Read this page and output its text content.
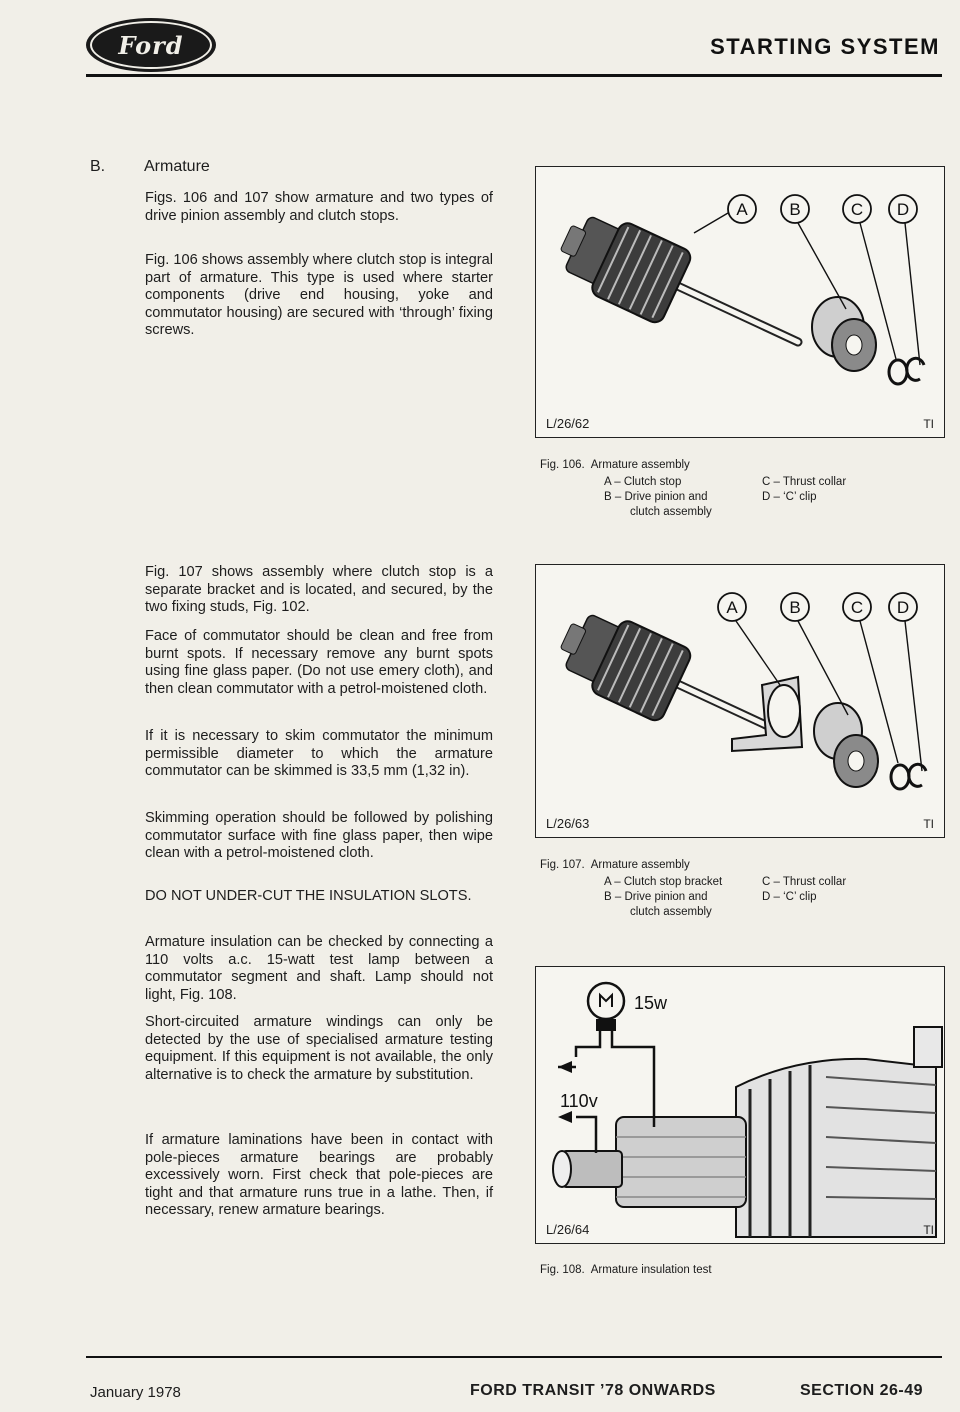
Ford	STARTING SYSTEM
B. Armature

Figs. 106 and 107 show armature and two types of drive pinion assembly and clutch stops.

Fig. 106 shows assembly where clutch stop is integral part of armature. This type is used where starter components (drive end housing, yoke and commutator housing) are secured with ‘through’ fixing screws.

Fig. 107 shows assembly where clutch stop is a separate bracket and is located, and secured, by the two fixing studs, Fig. 102.

Face of commutator should be clean and free from burnt spots. If necessary remove any burnt spots using fine glass paper. (Do not use emery cloth), and then clean commutator with a petrol-moistened cloth.

If it is necessary to skim commutator the minimum permissible diameter to which the armature commutator can be skimmed is 33,5 mm (1,32 in).

Skimming operation should be followed by polishing commutator surface with fine glass paper, then wipe clean with a petrol-moistened cloth.

DO NOT UNDER-CUT THE INSULATION SLOTS.

Armature insulation can be checked by connecting a 110 volts a.c. 15-watt test lamp between a commutator segment and shaft. Lamp should not light, Fig. 108.

Short-circuited armature windings can only be detected by the use of specialised armature testing equipment. If this equipment is not available, the only alternative is to check the armature by substitution.

If armature laminations have been in contact with pole-pieces armature bearings are probably excessively worn. First check that pole-pieces are tight and that armature runs true in a lathe. Then, if necessary, renew armature bearings.

A B	C D
L/26/62	TI
Fig. 106. Armature assembly
A – Clutch stop
B – Drive pinion and
clutch assembly
C – Thrust collar
D – ‘C’ clip
A	B	C D
L/26/63	TI
Fig. 107. Armature assembly
A – Clutch stop bracket
B – Drive pinion and
clutch assembly
C – Thrust collar
D – ‘C’ clip
15w
110v
L/26/64	TI
Fig. 108. Armature insulation test
January 1978	FORD TRANSIT ’78 ONWARDS	SECTION 26-49
